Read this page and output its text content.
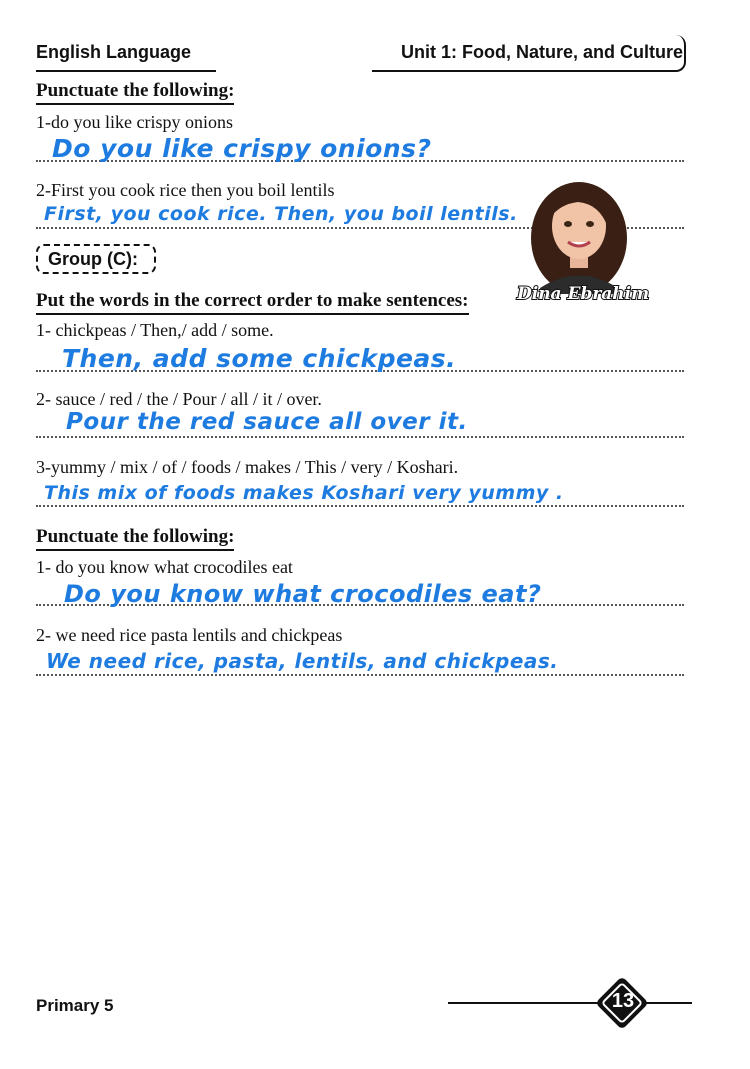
English Language	Unit 1: Food, Nature, and Culture
Punctuate the following:
1-do you like crispy onions
Do you like crispy onions?
2-First you cook rice then you boil lentils
First, you cook rice. Then, you boil lentils.
Group (C):
Dina Ebrahim
Put the words in the correct order to make sentences:
1- chickpeas / Then,/ add / some.
Then, add some chickpeas.
2- sauce / red / the / Pour / all / it / over.
Pour the red sauce all over it.
3-yummy / mix / of / foods / makes / This / very / Koshari.
This mix of foods makes Koshari very yummy .
Punctuate the following:
1- do you know what crocodiles eat
Do you know what crocodiles eat?
2- we need rice pasta lentils and chickpeas
We need rice, pasta, lentils, and chickpeas.
Primary 5	13
